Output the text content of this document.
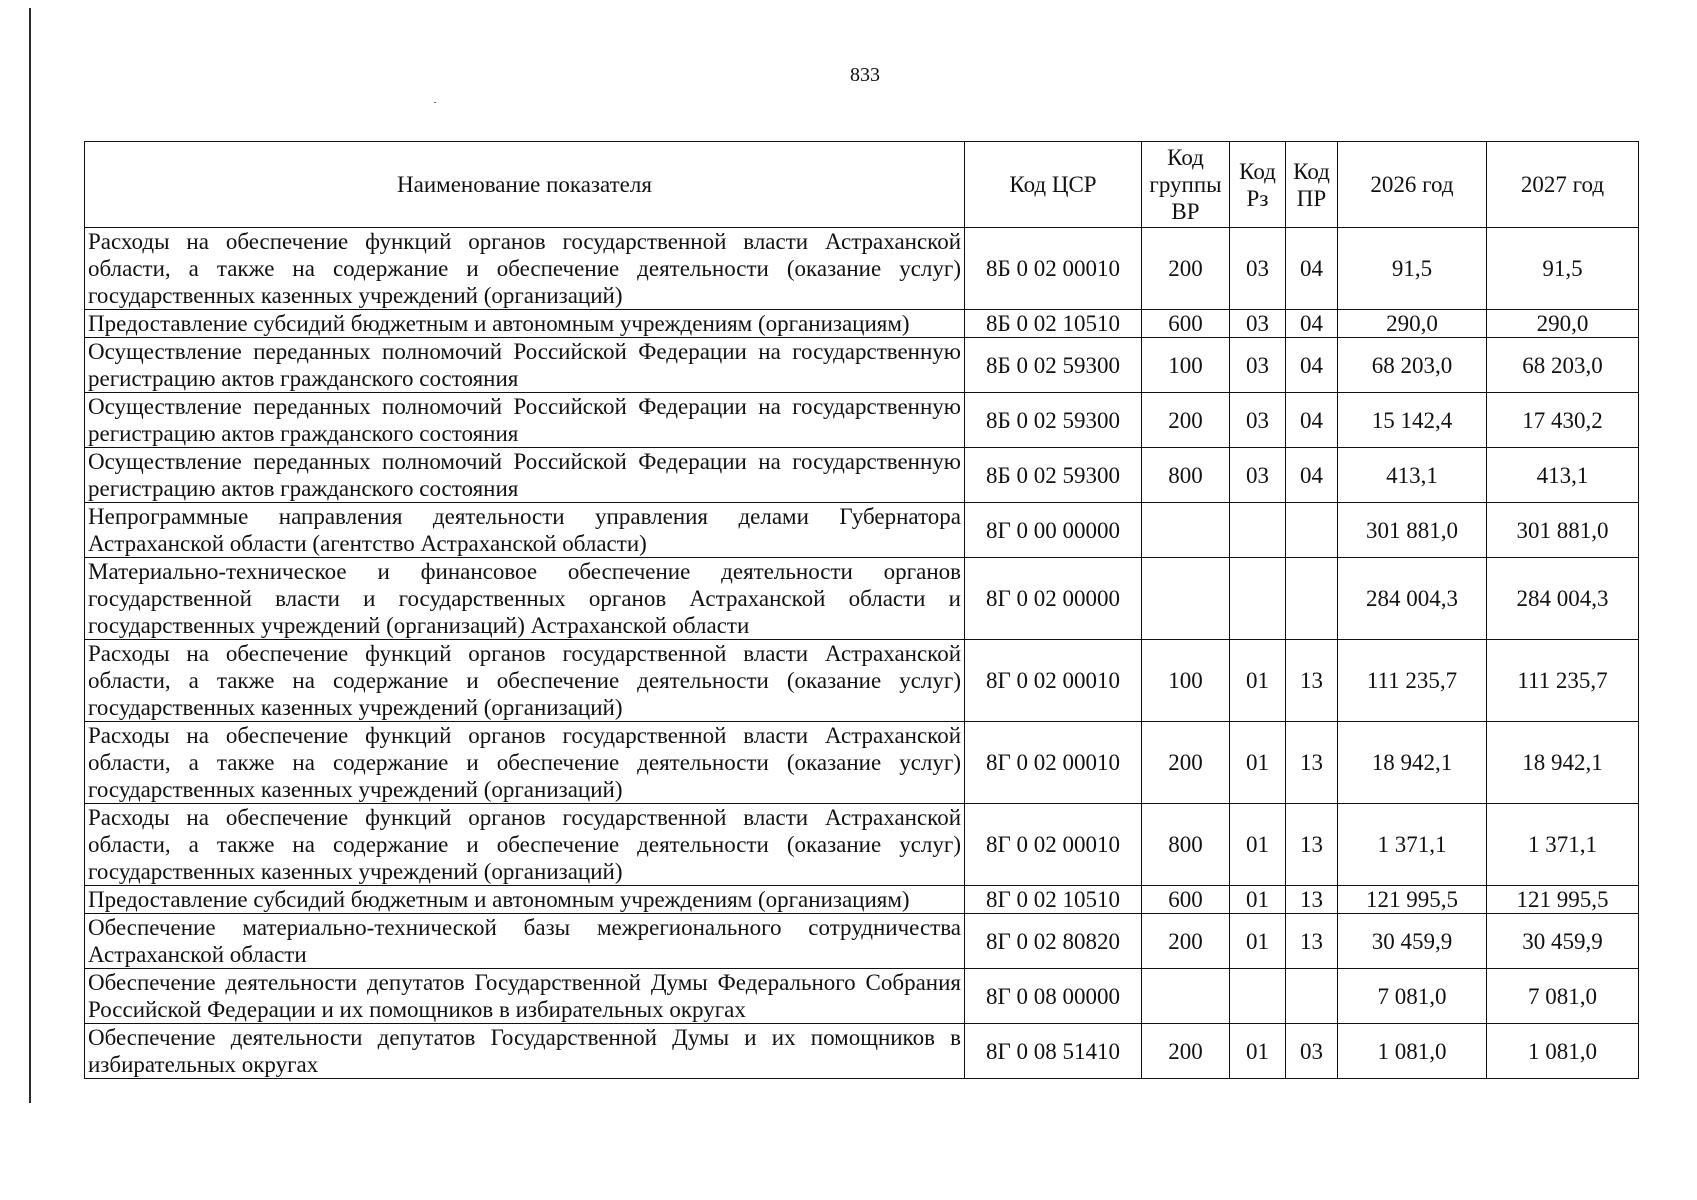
833
Наименование показателя	Код ЦСР	Код группы ВР	Код Рз	Код ПР	2026 год	2027 год
Расходы на обеспечение функций органов государственной власти Астраханской области, а также на содержание и обеспечение деятельности (оказание услуг) государственных казенных учреждений (организаций)	8Б 0 02 00010	200	03	04	91,5	91,5
Предоставление субсидий бюджетным и автономным учреждениям (организациям)	8Б 0 02 10510	600	03	04	290,0	290,0
Осуществление переданных полномочий Российской Федерации на государственную регистрацию актов гражданского состояния	8Б 0 02 59300	100	03	04	68 203,0	68 203,0
Осуществление переданных полномочий Российской Федерации на государственную регистрацию актов гражданского состояния	8Б 0 02 59300	200	03	04	15 142,4	17 430,2
Осуществление переданных полномочий Российской Федерации на государственную регистрацию актов гражданского состояния	8Б 0 02 59300	800	03	04	413,1	413,1
Непрограммные направления деятельности управления делами Губернатора Астраханской области (агентство Астраханской области)	8Г 0 00 00000				301 881,0	301 881,0
Материально-техническое и финансовое обеспечение деятельности органов государственной власти и государственных органов Астраханской области и государственных учреждений (организаций) Астраханской области	8Г 0 02 00000				284 004,3	284 004,3
Расходы на обеспечение функций органов государственной власти Астраханской области, а также на содержание и обеспечение деятельности (оказание услуг) государственных казенных учреждений (организаций)	8Г 0 02 00010	100	01	13	111 235,7	111 235,7
Расходы на обеспечение функций органов государственной власти Астраханской области, а также на содержание и обеспечение деятельности (оказание услуг) государственных казенных учреждений (организаций)	8Г 0 02 00010	200	01	13	18 942,1	18 942,1
Расходы на обеспечение функций органов государственной власти Астраханской области, а также на содержание и обеспечение деятельности (оказание услуг) государственных казенных учреждений (организаций)	8Г 0 02 00010	800	01	13	1 371,1	1 371,1
Предоставление субсидий бюджетным и автономным учреждениям (организациям)	8Г 0 02 10510	600	01	13	121 995,5	121 995,5
Обеспечение материально-технической базы межрегионального сотрудничества Астраханской области	8Г 0 02 80820	200	01	13	30 459,9	30 459,9
Обеспечение деятельности депутатов Государственной Думы Федерального Собрания Российской Федерации и их помощников в избирательных округах	8Г 0 08 00000				7 081,0	7 081,0
Обеспечение деятельности депутатов Государственной Думы и их помощников в избирательных округах	8Г 0 08 51410	200	01	03	1 081,0	1 081,0
